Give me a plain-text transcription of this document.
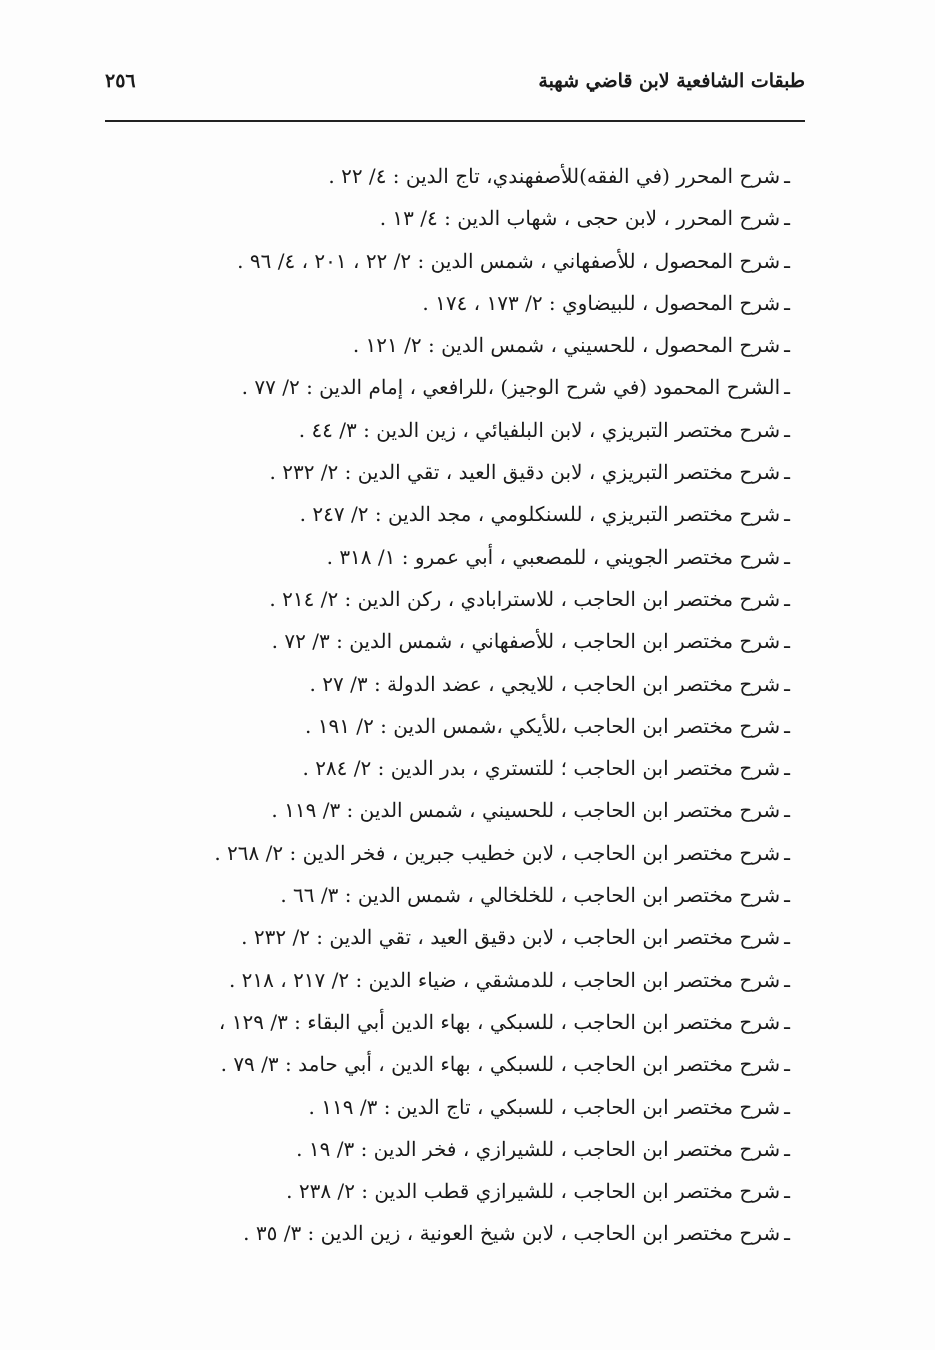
طبقات الشافعية لابن قاضي شهبة
٢٥٦
ـشرح المحرر (في الفقه)للأصفهندي، تاج الدين : ٤/ ٢٢ .
ـشرح المحرر ، لابن حجى ، شهاب الدين : ٤/ ١٣ .
ـشرح المحصول ، للأصفهاني ، شمس الدين : ٢/ ٢٢ ، ٢٠١ ، ٤/ ٩٦ .
ـشرح المحصول ، للبيضاوي : ٢/ ١٧٣ ، ١٧٤ .
ـشرح المحصول ، للحسيني ، شمس الدين : ٢/ ١٢١ .
ـالشرح المحمود (في شرح الوجيز) ،للرافعي ، إمام الدين : ٢/ ٧٧ .
ـشرح مختصر التبريزي ، لابن البلفيائي ، زين الدين : ٣/ ٤٤ .
ـشرح مختصر التبريزي ، لابن دقيق العيد ، تقي الدين : ٢/ ٢٣٢ .
ـشرح مختصر التبريزي ، للسنكلومي ، مجد الدين : ٢/ ٢٤٧ .
ـشرح مختصر الجويني ، للمصعبي ، أبي عمرو : ١/ ٣١٨ .
ـشرح مختصر ابن الحاجب ، للاسترابادي ، ركن الدين : ٢/ ٢١٤ .
ـشرح مختصر ابن الحاجب ، للأصفهاني ، شمس الدين : ٣/ ٧٢ .
ـشرح مختصر ابن الحاجب ، للايجي ، عضد الدولة : ٣/ ٢٧ .
ـشرح مختصر ابن الحاجب ،للأيكي ،شمس الدين : ٢/ ١٩١ .
ـشرح مختصر ابن الحاجب ؛ للتستري ، بدر الدين : ٢/ ٢٨٤ .
ـشرح مختصر ابن الحاجب ، للحسيني ، شمس الدين : ٣/ ١١٩ .
ـشرح مختصر ابن الحاجب ، لابن خطيب جبرين ، فخر الدين : ٢/ ٢٦٨ .
ـشرح مختصر ابن الحاجب ، للخلخالي ، شمس الدين : ٣/ ٦٦ .
ـشرح مختصر ابن الحاجب ، لابن دقيق العيد ، تقي الدين : ٢/ ٢٣٢ .
ـشرح مختصر ابن الحاجب ، للدمشقي ، ضياء الدين : ٢/ ٢١٧ ، ٢١٨ .
ـشرح مختصر ابن الحاجب ، للسبكي ، بهاء الدين أبي البقاء : ٣/ ١٢٩ ،
ـشرح مختصر ابن الحاجب ، للسبكي ، بهاء الدين ، أبي حامد : ٣/ ٧٩ .
ـشرح مختصر ابن الحاجب ، للسبكي ، تاج الدين : ٣/ ١١٩ .
ـشرح مختصر ابن الحاجب ، للشيرازي ، فخر الدين : ٣/ ١٩ .
ـشرح مختصر ابن الحاجب ، للشيرازي قطب الدين : ٢/ ٢٣٨ .
ـشرح مختصر ابن الحاجب ، لابن شيخ العونية ، زين الدين : ٣/ ٣٥ .
